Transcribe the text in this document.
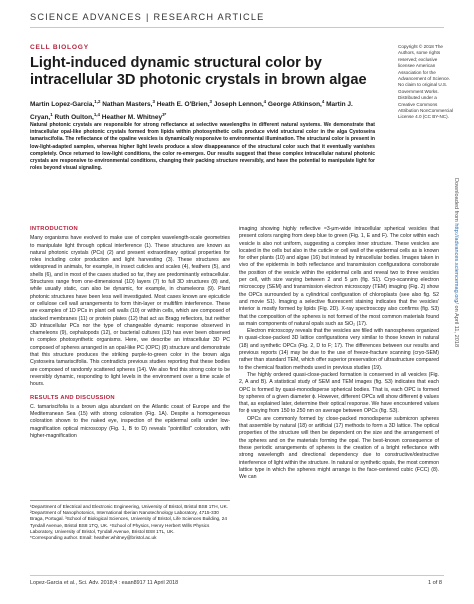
SCIENCE ADVANCES | RESEARCH ARTICLE
CELL BIOLOGY
Light-induced dynamic structural color by intracellular 3D photonic crystals in brown algae
Martin Lopez-Garcia,$^{1,2}$ Nathan Masters,$^3$ Heath E. O'Brien,$^3$ Joseph Lennon,$^4$ George Atkinson,$^4$ Martin J. Cryan,$^1$ Ruth Oulton,$^{1,4}$ Heather M. Whitney$^{3*}$
Natural photonic crystals are responsible for strong reflectance at selective wavelengths in different natural systems. We demonstrate that intracellular opal-like photonic crystals formed from lipids within photosynthetic cells produce vivid structural color in the alga Cystoseira tamariscifolia. The reflectance of the opaline vesicles is dynamically responsive to environmental illumination. The structural color is present in low-light-adapted samples, whereas higher light levels produce a slow disappearance of the structural color such that it eventually vanishes completely. Once returned to low-light conditions, the color re-emerges. Our results suggest that these complex intracellular natural photonic crystals are responsive to environmental conditions, changing their packing structure reversibly, and have the potential to manipulate light for roles beyond visual signaling.
Copyright © 2018 The Authors, some rights reserved; exclusive licensee American Association for the Advancement of Science. No claim to original U.S. Government Works. Distributed under a Creative Commons Attribution NonCommercial License 4.0 (CC BY-NC).
Downloaded from http://advances.sciencemag.org/ on April 11, 2018
INTRODUCTION

Many organisms have evolved to make use of complex wavelength-scale geometries to manipulate light through optical interference (1). These structures are known as natural photonic crystals (PCs) (2) and present extraordinary optical properties for roles including color production and light harvesting (3). These structures are widespread in animals, for example, in insect cuticles and scales (4), feathers (5), and shells (6), and in most of the cases studied so far, they are predominantly extracellular. Structures range from one-dimensional (1D) layers (7) to full 3D structures (8) and, while usually static, can also be dynamic, for example, in chameleons (9). Plant photonic structures have been less well investigated. Most cases known are epicuticle or cellulose cell wall arrangements to form thin-layer or multifilm interference. These are examples of 1D PCs in plant cell walls (10) or within cells, which are composed of stacked membranes (11) or protein plates (12) that act as Bragg reflectors, but neither 3D intracellular PCs nor the type of changeable dynamic response observed in chameleons (9), cephalopods (12), or bacterial cultures (13) has ever been observed in complex photosynthetic organisms. Here, we describe an intracellular 3D PC composed of spheres arranged in an opal-like PC (OPC) (8) structure and demonstrate that this structure produces the striking purple-to-green color in the brown alga Cystoseira tamariscifolia. This contradicts previous studies reporting that these bodies are composed of randomly scattered spheres (14). We also find this strong color to be reversibly dynamic, responding to light levels in the environment over a time scale of hours.

RESULTS AND DISCUSSION

C. tamariscifolia is a brown alga abundant on the Atlantic coast of Europe and the Mediterranean Sea (15) with strong coloration (Fig. 1A). Despite a homogeneous coloration shown to the naked eye, inspection of the epidermal cells under low-magnification optical microscopy (Fig. 1, B to D) reveals "pointillist" coloration, with higher-magnification

imaging showing highly reflective ≈3-μm-wide intracellular spherical vesicles that present colors ranging from deep blue to green (Fig. 1, E and F). The color within each vesicle is also not uniform, suggesting a complex inner structure. These vesicles are located in the cells but also in the cuticle or cell wall of the epidermal cells as is known for other plants (10) and algae (16) but instead by intracellular bodies. Images taken in vivo of the epidermis in both reflectance and transmission configurations corroborate the position of the vesicle within the epidermal cells and reveal two to three vesicles per cell, with size varying between 2 and 5 μm (fig. S1). Cryo-scanning electron microscopy (SEM) and transmission electron microscopy (TEM) imaging (Fig. 2) show the OPCs surrounded by a cylindrical configuration of chloroplasts (see also fig. S2 and movie S1). Imaging a selective fluorescent staining indicates that the vesicles' interior is mostly formed by lipids (Fig. 2D). X-ray spectroscopy also confirms (fig. S3) that the composition of the spheres is not formed of the most common materials found as main components of natural opals such as SiO₂ (17).

Electron microscopy reveals that the vesicles are filled with nanospheres organized in quasi-close-packed 3D lattice configurations very similar to those known in natural (18) and synthetic OPCs (Fig. 2, D to F; 17). The differences between our results and previous reports (14) may be due to the use of freeze-fracture scanning (cryo-SEM) rather than standard TEM, which offer superior preservation of ultrastructure compared to the chemical fixation methods used in previous studies (19).

The highly ordered quasi-close-packed formation is conserved in all vesicles (Fig. 2, A and B). A statistical study of SEM and TEM images (fig. S3) indicates that each OPC is formed by quasi-monodisperse spherical bodies. That is, each OPC is formed by spheres of a given diameter ϕ. However, different OPCs will show different ϕ values that, as explained later, determine their optical response. We have encountered values for ϕ varying from 150 to 250 nm on average between OPCs (fig. S3).

OPCs are commonly formed by close-packed monodisperse submicron spheres that assemble by natural (18) or artificial (17) methods to form a 3D lattice. The optical properties of the structure will then be dependent on the size and the arrangement of the spheres and on the materials forming the opal. The best-known consequence of these periodic arrangements of spheres is the creation of a bright reflectance with strong wavelength and directional dependency due to constructive/destructive interference of light within the structure. In natural or synthetic opals, the most common lattice type in which the spheres might arrange is the face-centered cubic (FCC) (8). We can

¹Department of Electrical and Electronic Engineering, University of Bristol, Bristol BS8 1TH, UK. ²Department of Nanophotonics, International Iberian Nanotechnology Laboratory, 4715-330 Braga, Portugal. ³School of Biological Sciences, University of Bristol, Life Sciences Building, 24 Tyndall Avenue, Bristol BS8 1TQ, UK. ⁴School of Physics, Henry Herbert Wills Physics Laboratory, University of Bristol, Tyndall Avenue, Bristol BS8 1TL, UK.

*Corresponding author. Email: heather.whitney@bristol.ac.uk

Lopez-Garcia et al., Sci. Adv. 2018;4 : eaan8917 11 April 2018	1 of 8
